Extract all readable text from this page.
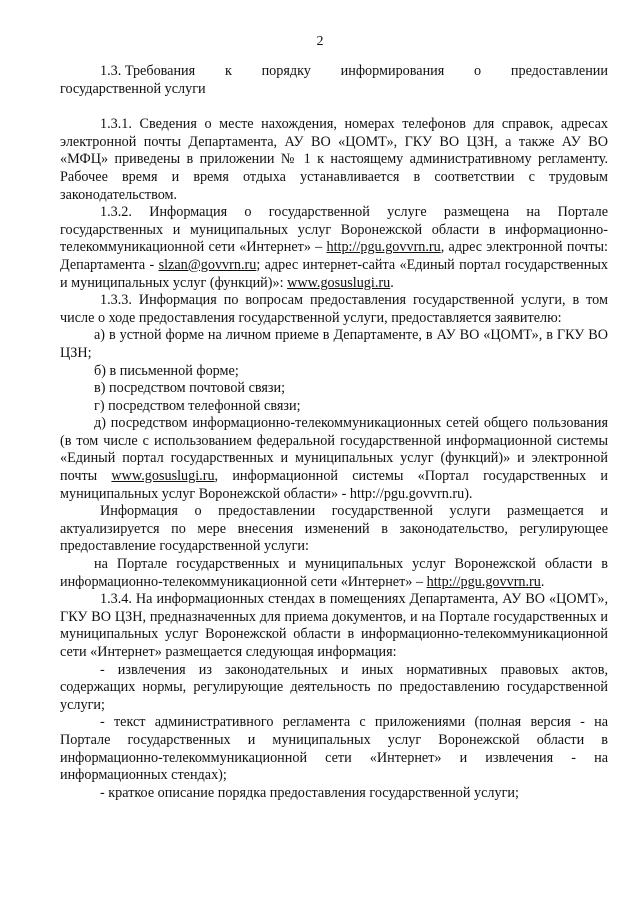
2
1.3. Требования к порядку информирования о предоставлении

государственной услуги

1.3.1. Сведения о месте нахождения, номерах телефонов для справок, адресах электронной почты Департамента, АУ ВО «ЦОМТ», ГКУ ВО ЦЗН, а также АУ ВО «МФЦ» приведены в приложении № 1 к настоящему административному регламенту. Рабочее время и время отдыха устанавливается в соответствии с трудовым законодательством.

1.3.2. Информация о государственной услуге размещена на Портале государственных и муниципальных услуг Воронежской области в информационно-телекоммуникационной сети «Интернет» – http://pgu.govvrn.ru, адрес электронной почты: Департамента - slzan@govvrn.ru; адрес интернет-сайта «Единый портал государственных и муниципальных услуг (функций)»: www.gosuslugi.ru.

1.3.3. Информация по вопросам предоставления государственной услуги, в том числе о ходе предоставления государственной услуги, предоставляется заявителю:

а) в устной форме на личном приеме в Департаменте, в АУ ВО «ЦОМТ», в ГКУ ВО ЦЗН;

б) в письменной форме;

в) посредством почтовой связи;

г) посредством телефонной связи;

д) посредством информационно-телекоммуникационных сетей общего пользования (в том числе с использованием федеральной государственной информационной системы «Единый портал государственных и муниципальных услуг (функций)» и электронной почты www.gosuslugi.ru, информационной системы «Портал государственных и муниципальных услуг Воронежской области» - http://pgu.govvrn.ru).

Информация о предоставлении государственной услуги размещается и актуализируется по мере внесения изменений в законодательство, регулирующее предоставление государственной услуги:

на Портале государственных и муниципальных услуг Воронежской области в информационно-телекоммуникационной сети «Интернет» – http://pgu.govvrn.ru.

1.3.4. На информационных стендах в помещениях Департамента, АУ ВО «ЦОМТ», ГКУ ВО ЦЗН, предназначенных для приема документов, и на Портале государственных и муниципальных услуг Воронежской области в информационно-телекоммуникационной сети «Интернет» размещается следующая информация:

- извлечения из законодательных и иных нормативных правовых актов, содержащих нормы, регулирующие деятельность по предоставлению государственной услуги;

- текст административного регламента с приложениями (полная версия - на Портале государственных и муниципальных услуг Воронежской области в информационно-телекоммуникационной сети «Интернет» и извлечения - на информационных стендах);

- краткое описание порядка предоставления государственной услуги;
